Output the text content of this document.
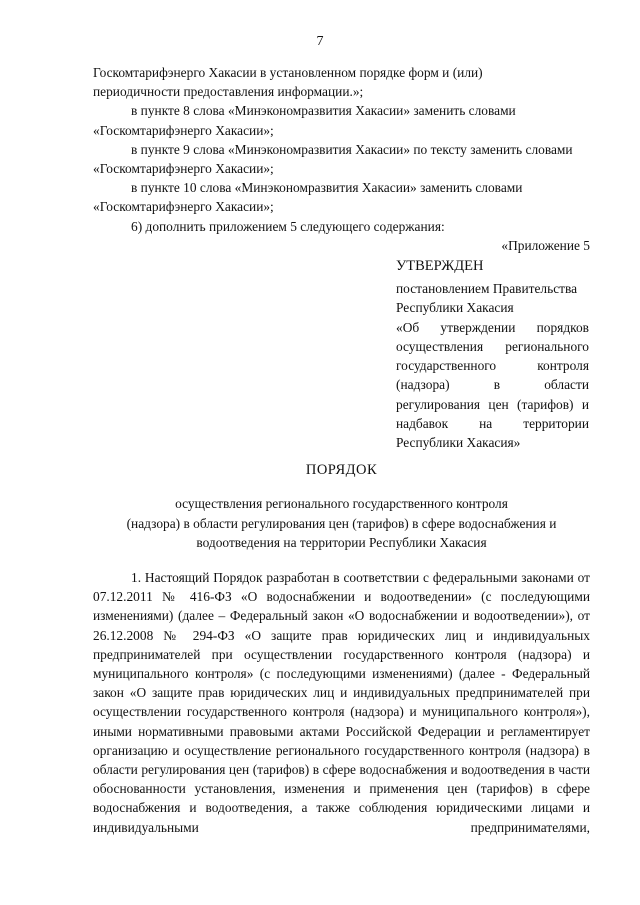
7

Госкомтарифэнерго Хакасии в установленном порядке форм и (или)

периодичности предоставления информации.»;

в пункте 8 слова «Минэкономразвития Хакасии» заменить словами

«Госкомтарифэнерго Хакасии»;

в пункте 9 слова «Минэкономразвития Хакасии» по тексту заменить словами

«Госкомтарифэнерго Хакасии»;

в пункте 10 слова «Минэкономразвития Хакасии» заменить словами

«Госкомтарифэнерго Хакасии»;

6) дополнить приложением 5 следующего содержания:

«Приложение 5

УТВЕРЖДЕН

постановлением Правительства

Республики Хакасия

«Об утверждении порядков

осуществления регионального

государственного контроля

(надзора) в области

регулирования цен (тарифов) и

надбавок на территории

Республики Хакасия»

ПОРЯДОК
осуществления регионального государственного контроля
(надзора) в области регулирования цен (тарифов) в сфере водоснабжения и
водоотведения на территории Республики Хакасия

1. Настоящий Порядок разработан в соответствии с федеральными законами от 07.12.2011 № 416-ФЗ «О водоснабжении и водоотведении» (с последующими изменениями) (далее – Федеральный закон «О водоснабжении и водоотведении»), от 26.12.2008 № 294-ФЗ «О защите прав юридических лиц и индивидуальных предпринимателей при осуществлении государственного контроля (надзора) и муниципального контроля» (с последующими изменениями) (далее - Федеральный закон «О защите прав юридических лиц и индивидуальных предпринимателей при осуществлении государственного контроля (надзора) и муниципального контроля»), иными нормативными правовыми актами Российской Федерации и регламентирует организацию и осуществление регионального государственного контроля (надзора) в области регулирования цен (тарифов) в сфере водоснабжения и водоотведения в части обоснованности установления, изменения и применения цен (тарифов) в сфере водоснабжения и водоотведения, а также соблюдения юридическими лицами и индивидуальными предпринимателями,
